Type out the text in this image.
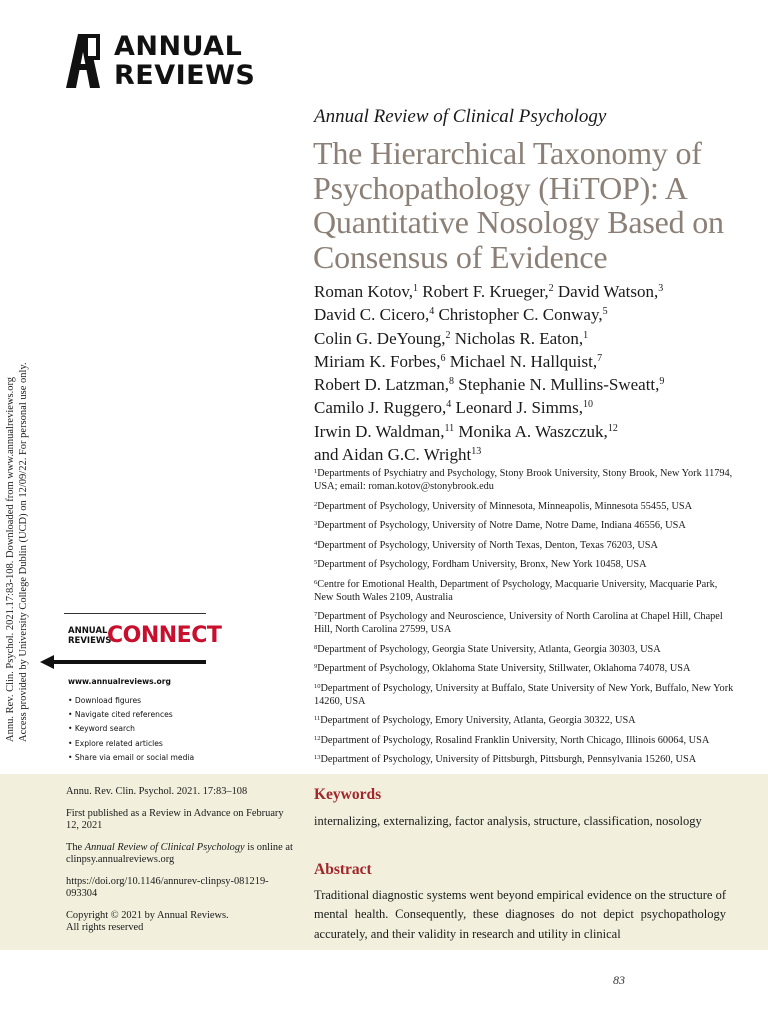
ANNUAL
REVIEWS
Annu. Rev. Clin. Psychol. 2021.17:83-108. Downloaded from www.annualreviews.org Access provided by University College Dublin (UCD) on 12/09/22. For personal use only.
Annual Review of Clinical Psychology
The Hierarchical Taxonomy of Psychopathology (HiTOP): A Quantitative Nosology Based on Consensus of Evidence
Roman Kotov,$^1$ Robert F. Krueger,$^2$ David Watson,$^3$
David C. Cicero,$^4$ Christopher C. Conway,$^5$
Colin G. DeYoung,$^2$ Nicholas R. Eaton,$^1$
Miriam K. Forbes,$^6$ Michael N. Hallquist,$^7$
Robert D. Latzman,$^8$ Stephanie N. Mullins-Sweatt,$^9$
Camilo J. Ruggero,$^4$ Leonard J. Simms,$^{10}$
Irwin D. Waldman,$^{11}$ Monika A. Waszczuk,$^{12}$
and Aidan G.C. Wright$^{13}$

$^1$Departments of Psychiatry and Psychology, Stony Brook University, Stony Brook, New York 11794, USA; email: roman.kotov@stonybrook.edu

$^2$Department of Psychology, University of Minnesota, Minneapolis, Minnesota 55455, USA

$^3$Department of Psychology, University of Notre Dame, Notre Dame, Indiana 46556, USA

$^4$Department of Psychology, University of North Texas, Denton, Texas 76203, USA

$^5$Department of Psychology, Fordham University, Bronx, New York 10458, USA

$^6$Centre for Emotional Health, Department of Psychology, Macquarie University, Macquarie Park, New South Wales 2109, Australia

$^7$Department of Psychology and Neuroscience, University of North Carolina at Chapel Hill, Chapel Hill, North Carolina 27599, USA

$^8$Department of Psychology, Georgia State University, Atlanta, Georgia 30303, USA

$^9$Department of Psychology, Oklahoma State University, Stillwater, Oklahoma 74078, USA

$^{10}$Department of Psychology, University at Buffalo, State University of New York, Buffalo, New York 14260, USA

$^{11}$Department of Psychology, Emory University, Atlanta, Georgia 30322, USA

$^{12}$Department of Psychology, Rosalind Franklin University, North Chicago, Illinois 60064, USA

$^{13}$Department of Psychology, University of Pittsburgh, Pittsburgh, Pennsylvania 15260, USA

ANNUAL
REVIEWS
CONNECT
www.annualreviews.org
• Download figures
• Navigate cited references
• Keyword search
• Explore related articles
• Share via email or social media

Annu. Rev. Clin. Psychol. 2021. 17:83–108

First published as a Review in Advance on February 12, 2021

The Annual Review of Clinical Psychology is online at clinpsy.annualreviews.org

https://doi.org/10.1146/annurev-clinpsy-081219-093304

Copyright © 2021 by Annual Reviews.
All rights reserved

Keywords
internalizing, externalizing, factor analysis, structure, classification, nosology
Abstract
Traditional diagnostic systems went beyond empirical evidence on the structure of mental health. Consequently, these diagnoses do not depict psychopathology accurately, and their validity in research and utility in clinical
83
